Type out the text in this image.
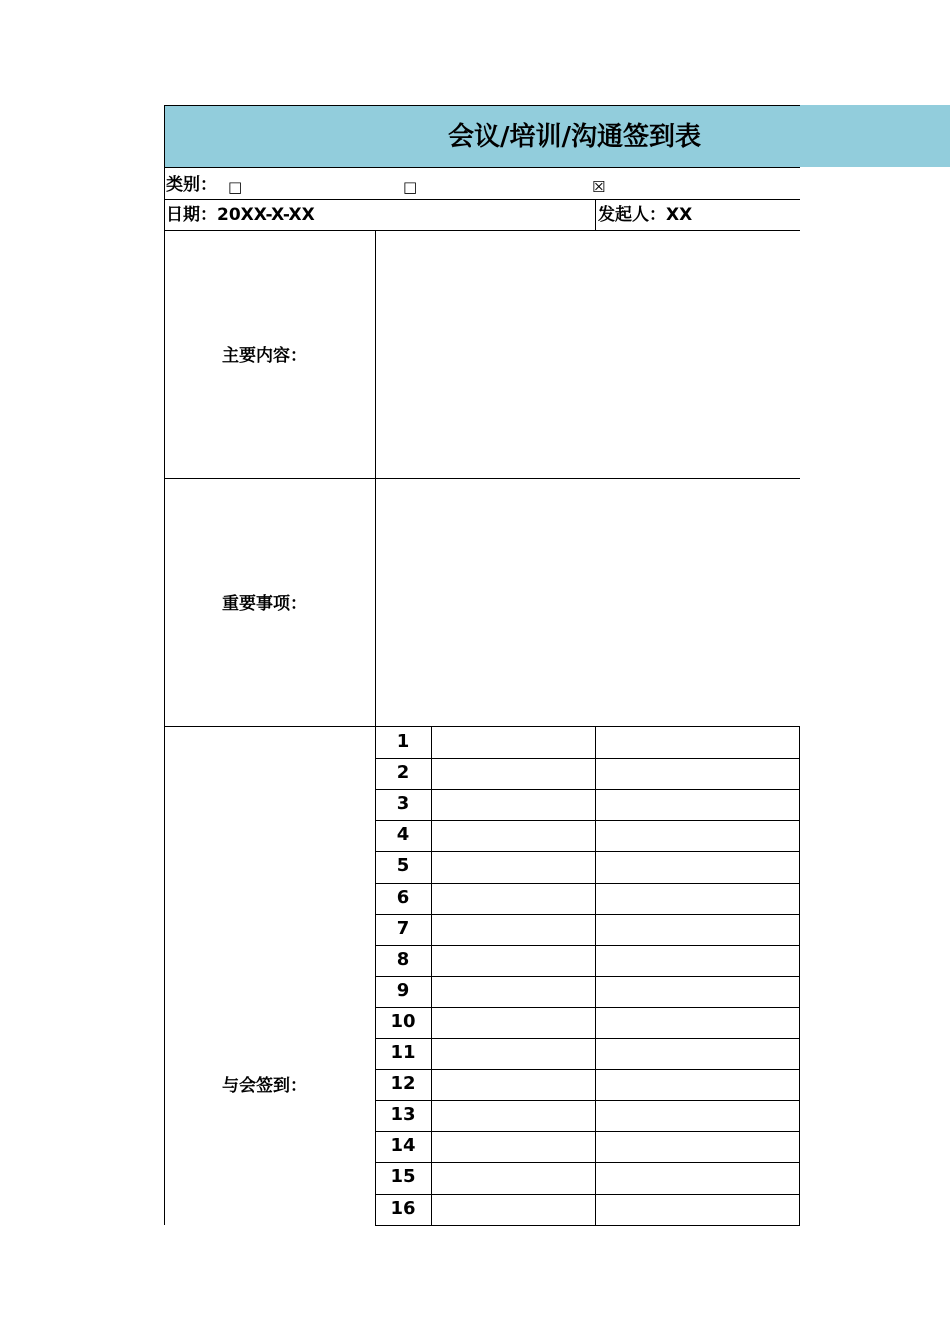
会议/培训/沟通签到表
类别： □	□	☒
日期：20XX-X-XX	发起人：XX
主要内容：
重要事项：
与会签到：
1
2
3
4
5
6
7
8
9
10
11
12
13
14
15
16
